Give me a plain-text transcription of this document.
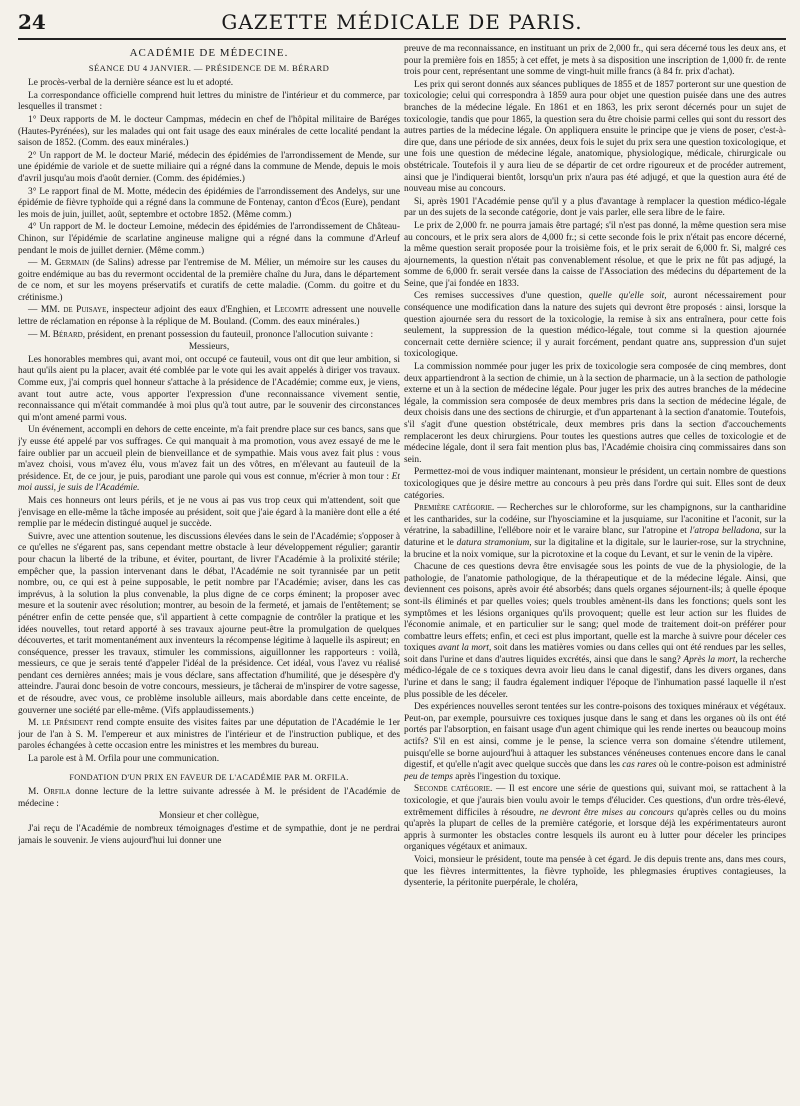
24	GAZETTE MÉDICALE DE PARIS.
ACADÉMIE DE MÉDECINE.
SÉANCE DU 4 JANVIER. — PRÉSIDENCE DE M. BÉRARD

Le procès-verbal de la dernière séance est lu et adopté.

La correspondance officielle comprend huit lettres du ministre de l'intérieur et du commerce, par lesquelles il transmet :

1° Deux rapports de M. le docteur Campmas, médecin en chef de l'hôpital militaire de Baréges (Hautes-Pyrénées), sur les malades qui ont fait usage des eaux minérales de cette localité pendant la saison de 1852. (Comm. des eaux minérales.)

2° Un rapport de M. le docteur Marié, médecin des épidémies de l'arrondissement de Mende, sur une épidémie de variole et de suette miliaire qui a régné dans la commune de Mende, depuis le mois d'avril jusqu'au mois d'août dernier. (Comm. des épidémies.)

3° Le rapport final de M. Motte, médecin des épidémies de l'arrondissement des Andelys, sur une épidémie de fièvre typhoïde qui a régné dans la commune de Fontenay, canton d'Écos (Eure), pendant les mois de juin, juillet, août, septembre et octobre 1852. (Même comm.)

4° Un rapport de M. le docteur Lemoine, médecin des épidémies de l'arrondissement de Château-Chinon, sur l'épidémie de scarlatine angineuse maligne qui a régné dans la commune d'Arleuf pendant le mois de juillet dernier. (Même comm.)

— M. Germain (de Salins) adresse par l'entremise de M. Mélier, un mémoire sur les causes du goitre endémique au bas du revermont occidental de la première chaîne du Jura, dans le département de ce nom, et sur les moyens préservatifs et curatifs de cette maladie. (Comm. du goitre et du crétinisme.)

— MM. de Puisaye, inspecteur adjoint des eaux d'Enghien, et Lecomte adressent une nouvelle lettre de réclamation en réponse à la réplique de M. Bouland. (Comm. des eaux minérales.)

— M. Bérard, président, en prenant possession du fauteuil, prononce l'allocution suivante :

Messieurs,

Les honorables membres qui, avant moi, ont occupé ce fauteuil, vous ont dit que leur ambition, si haut qu'ils aient pu la placer, avait été comblée par le vote qui les avait appelés à diriger vos travaux. Comme eux, j'ai compris quel honneur s'attache à la présidence de l'Académie; comme eux, je viens, avant tout autre acte, vous apporter l'expression d'une reconnaissance vivement sentie, reconnaissance qui m'était commandée à moi plus qu'à tout autre, par le souvenir des circonstances qui m'ont amené parmi vous.

Un événement, accompli en dehors de cette enceinte, m'a fait prendre place sur ces bancs, sans que j'y eusse été appelé par vos suffrages. Ce qui manquait à ma promotion, vous avez essayé de me le faire oublier par un accueil plein de bienveillance et de sympathie. Mais vous avez fait plus : vous m'avez choisi, vous m'avez élu, vous m'avez fait un des vôtres, en m'élevant au fauteuil de la présidence. Et, de ce jour, je puis, parodiant une parole qui vous est connue, m'écrier à mon tour : Et moi aussi, je suis de l'Académie.

Mais ces honneurs ont leurs périls, et je ne vous ai pas vus trop ceux qui m'attendent, soit que j'envisage en elle-même la tâche imposée au président, soit que j'aie égard à la manière dont elle a été remplie par le médecin distingué auquel je succède.

Suivre, avec une attention soutenue, les discussions élevées dans le sein de l'Académie; s'opposer à ce qu'elles ne s'égarent pas, sans cependant mettre obstacle à leur développement régulier; garantir pour chacun la liberté de la tribune, et éviter, pourtant, de livrer l'Académie à la prolixité stérile; empêcher que, la passion intervenant dans le débat, l'Académie ne soit tyrannisée par un petit nombre, ou, ce qui est à peine supposable, le petit nombre par l'Académie; aviser, dans les cas imprévus, à la solution la plus convenable, la plus digne de ce corps éminent; la proposer avec mesure et la soutenir avec résolution; montrer, au besoin de la fermeté, et jamais de l'entêtement; se pénétrer enfin de cette pensée que, s'il appartient à cette compagnie de contrôler la pratique et les idées nouvelles, tout retard apporté à ses travaux ajourne peut-être la promulgation de quelques découvertes, et tarit momentanément aux inventeurs la récompense légitime à laquelle ils aspireut; en conséquence, presser les travaux, stimuler les commissions, aiguillonner les rapporteurs : voilà, messieurs, ce que je serais tenté d'appeler l'idéal de la présidence. Cet idéal, vous l'avez vu réalisé pendant ces dernières années; mais je vous déclare, sans affectation d'humilité, que je désespère d'y atteindre. J'aurai donc besoin de votre concours, messieurs, je tâcherai de m'inspirer de votre sagesse, et de résoudre, avec vous, ce problème insoluble ailleurs, mais abordable dans cette enceinte, de gouverner une société par elle-même. (Vifs applaudissements.)

M. le Président rend compte ensuite des visites faites par une députation de l'Académie le 1er jour de l'an à S. M. l'empereur et aux ministres de l'intérieur et de l'instruction publique, et des paroles échangées à cette occasion entre les ministres et les membres du bureau.

La parole est à M. Orfila pour une communication.

FONDATION D'UN PRIX EN FAVEUR DE L'ACADÉMIE PAR M. ORFILA.

M. Orfila donne lecture de la lettre suivante adressée à M. le président de l'Académie de médecine :

Monsieur et cher collègue,

J'ai reçu de l'Académie de nombreux témoignages d'estime et de sympathie, dont je ne perdrai jamais le souvenir. Je viens aujourd'hui lui donner une

preuve de ma reconnaissance, en instituant un prix de 2,000 fr., qui sera décerné tous les deux ans, et pour la première fois en 1855; à cet effet, je mets à sa disposition une inscription de 1,000 fr. de rente trois pour cent, représentant une somme de vingt-huit mille francs (à 84 fr. prix d'achat).

Les prix qui seront donnés aux séances publiques de 1855 et de 1857 porteront sur une question de toxicologie; celui qui correspondra à 1859 aura pour objet une question puisée dans une des autres branches de la médecine légale. En 1861 et en 1863, les prix seront décernés pour un sujet de toxicologie, tandis que pour 1865, la question sera du être choisie parmi celles qui sont du ressort des autres parties de la médecine légale. On appliquera ensuite le principe que je viens de poser, c'est-à-dire que, dans une période de six années, deux fois le sujet du prix sera une question toxicologique, et une fois une question de médecine légale, anatomique, physiologique, médicale, chirurgicale ou obstétricale. Toutefois il y aura lieu de se départir de cet ordre rigoureux et de procéder autrement, ainsi que je l'indiquerai bientôt, lorsqu'un prix n'aura pas été adjugé, et que la question aura été de nouveau mise au concours.

Si, après 1901 l'Académie pense qu'il y a plus d'avantage à remplacer la question médico-légale par un des sujets de la seconde catégorie, dont je vais parler, elle sera libre de le faire.

Le prix de 2,000 fr. ne pourra jamais être partagé; s'il n'est pas donné, la même question sera mise au concours, et le prix sera alors de 4,000 fr.; si cette seconde fois le prix n'était pas encore décerné, la même question serait proposée pour la troisième fois, et le prix serait de 6,000 fr. Si, malgré ces ajournements, la question n'était pas convenablement résolue, et que le prix ne fût pas adjugé, la somme de 6,000 fr. serait versée dans la caisse de l'Association des médecins du département de la Seine, que j'ai fondée en 1833.

Ces remises successives d'une question, quelle qu'elle soit, auront nécessairement pour conséquence une modification dans la nature des sujets qui devront être proposés : ainsi, lorsque la question ajournée sera du ressort de la toxicologie, la remise à six ans entraînera, pour cette fois seulement, la suppression de la question médico-légale, tout comme si la question ajournée concernait cette dernière science; il y aurait forcément, pendant quatre ans, suppression d'un sujet toxicologique.

La commission nommée pour juger les prix de toxicologie sera composée de cinq membres, dont deux appartiendront à la section de chimie, un à la section de pharmacie, un à la section de pathologie externe et un à la section de médecine légale. Pour juger les prix des autres branches de la médecine légale, la commission sera composée de deux membres pris dans la section de médecine légale, de deux choisis dans une des sections de chirurgie, et d'un appartenant à la section d'anatomie. Toutefois, s'il s'agit d'une question obstétricale, deux membres pris dans la section d'accouchements remplaceront les deux chirurgiens. Pour toutes les questions autres que celles de toxicologie et de médecine légale, dont il sera fait mention plus bas, l'Académie choisira cinq commissaires dans son sein.

Permettez-moi de vous indiquer maintenant, monsieur le président, un certain nombre de questions toxicologiques que je désire mettre au concours à peu près dans l'ordre qui suit. Elles sont de deux catégories.

Première catégorie. — Recherches sur le chloroforme, sur les champignons, sur la cantharidine et les cantharides, sur la codéine, sur l'hyosciamine et la jusquiame, sur l'aconitine et l'aconit, sur la vératrine, la sabadilline, l'ellébore noir et le varaire blanc, sur l'atropine et l'atropa belladona, sur la daturine et le datura stramonium, sur la digitaline et la digitale, sur le laurier-rose, sur la strychnine, la brucine et la noix vomique, sur la picrotoxine et la coque du Levant, et sur le venin de la vipère.

Chacune de ces questions devra être envisagée sous les points de vue de la physiologie, de la pathologie, de l'anatomie pathologique, de la thérapeutique et de la médecine légale. Ainsi, que deviennent ces poisons, après avoir été absorbés; dans quels organes séjournent-ils; à quelle époque sont-ils éliminés et par quelles voies; quels troubles amènent-ils dans les fonctions; quels sont les symptômes et les lésions organiques qu'ils provoquent; quelle est leur action sur les fluides de l'économie animale, et en particulier sur le sang; quel mode de traitement doit-on préférer pour combattre leurs effets; enfin, et ceci est plus important, quelle est la marche à suivre pour déceler ces toxiques avant la mort, soit dans les matières vomies ou dans celles qui ont été rendues par les selles, soit dans l'urine et dans d'autres liquides excrétés, ainsi que dans le sang? Après la mort, la recherche médico-légale de ce s toxiques devra avoir lieu dans le canal digestif, dans les divers organes, dans l'urine et dans le sang; il faudra également indiquer l'époque de l'inhumation passé laquelle il n'est plus possible de les déceler.

Des expériences nouvelles seront tentées sur les contre-poisons des toxiques minéraux et végétaux. Peut-on, par exemple, poursuivre ces toxiques jusque dans le sang et dans les organes où ils ont été portés par l'absorption, en faisant usage d'un agent chimique qui les rende inertes ou beaucoup moins actifs? S'il en est ainsi, comme je le pense, la science verra son domaine s'étendre utilement, puisqu'elle se borne aujourd'hui à attaquer les substances vénéneuses contenues encore dans le canal digestif, et qu'elle n'agit avec quelque succès que dans les cas rares où le contre-poison est administré peu de temps après l'ingestion du toxique.

Seconde catégorie. — Il est encore une série de questions qui, suivant moi, se rattachent à la toxicologie, et que j'aurais bien voulu avoir le temps d'élucider. Ces questions, d'un ordre très-élevé, extrêmement difficiles à résoudre, ne devront être mises au concours qu'après celles ou du moins qu'après la plupart de celles de la première catégorie, et lorsque déjà les expérimentateurs auront appris à surmonter les obstacles contre lesquels ils auront eu à lutter pour déceler les principes organiques végétaux et animaux.

Voici, monsieur le président, toute ma pensée à cet égard. Je dis depuis trente ans, dans mes cours, que les fièvres intermittentes, la fièvre typhoïde, les phlegmasies éruptives contagieuses, la dysenterie, la péritonite puerpérale, le choléra,
